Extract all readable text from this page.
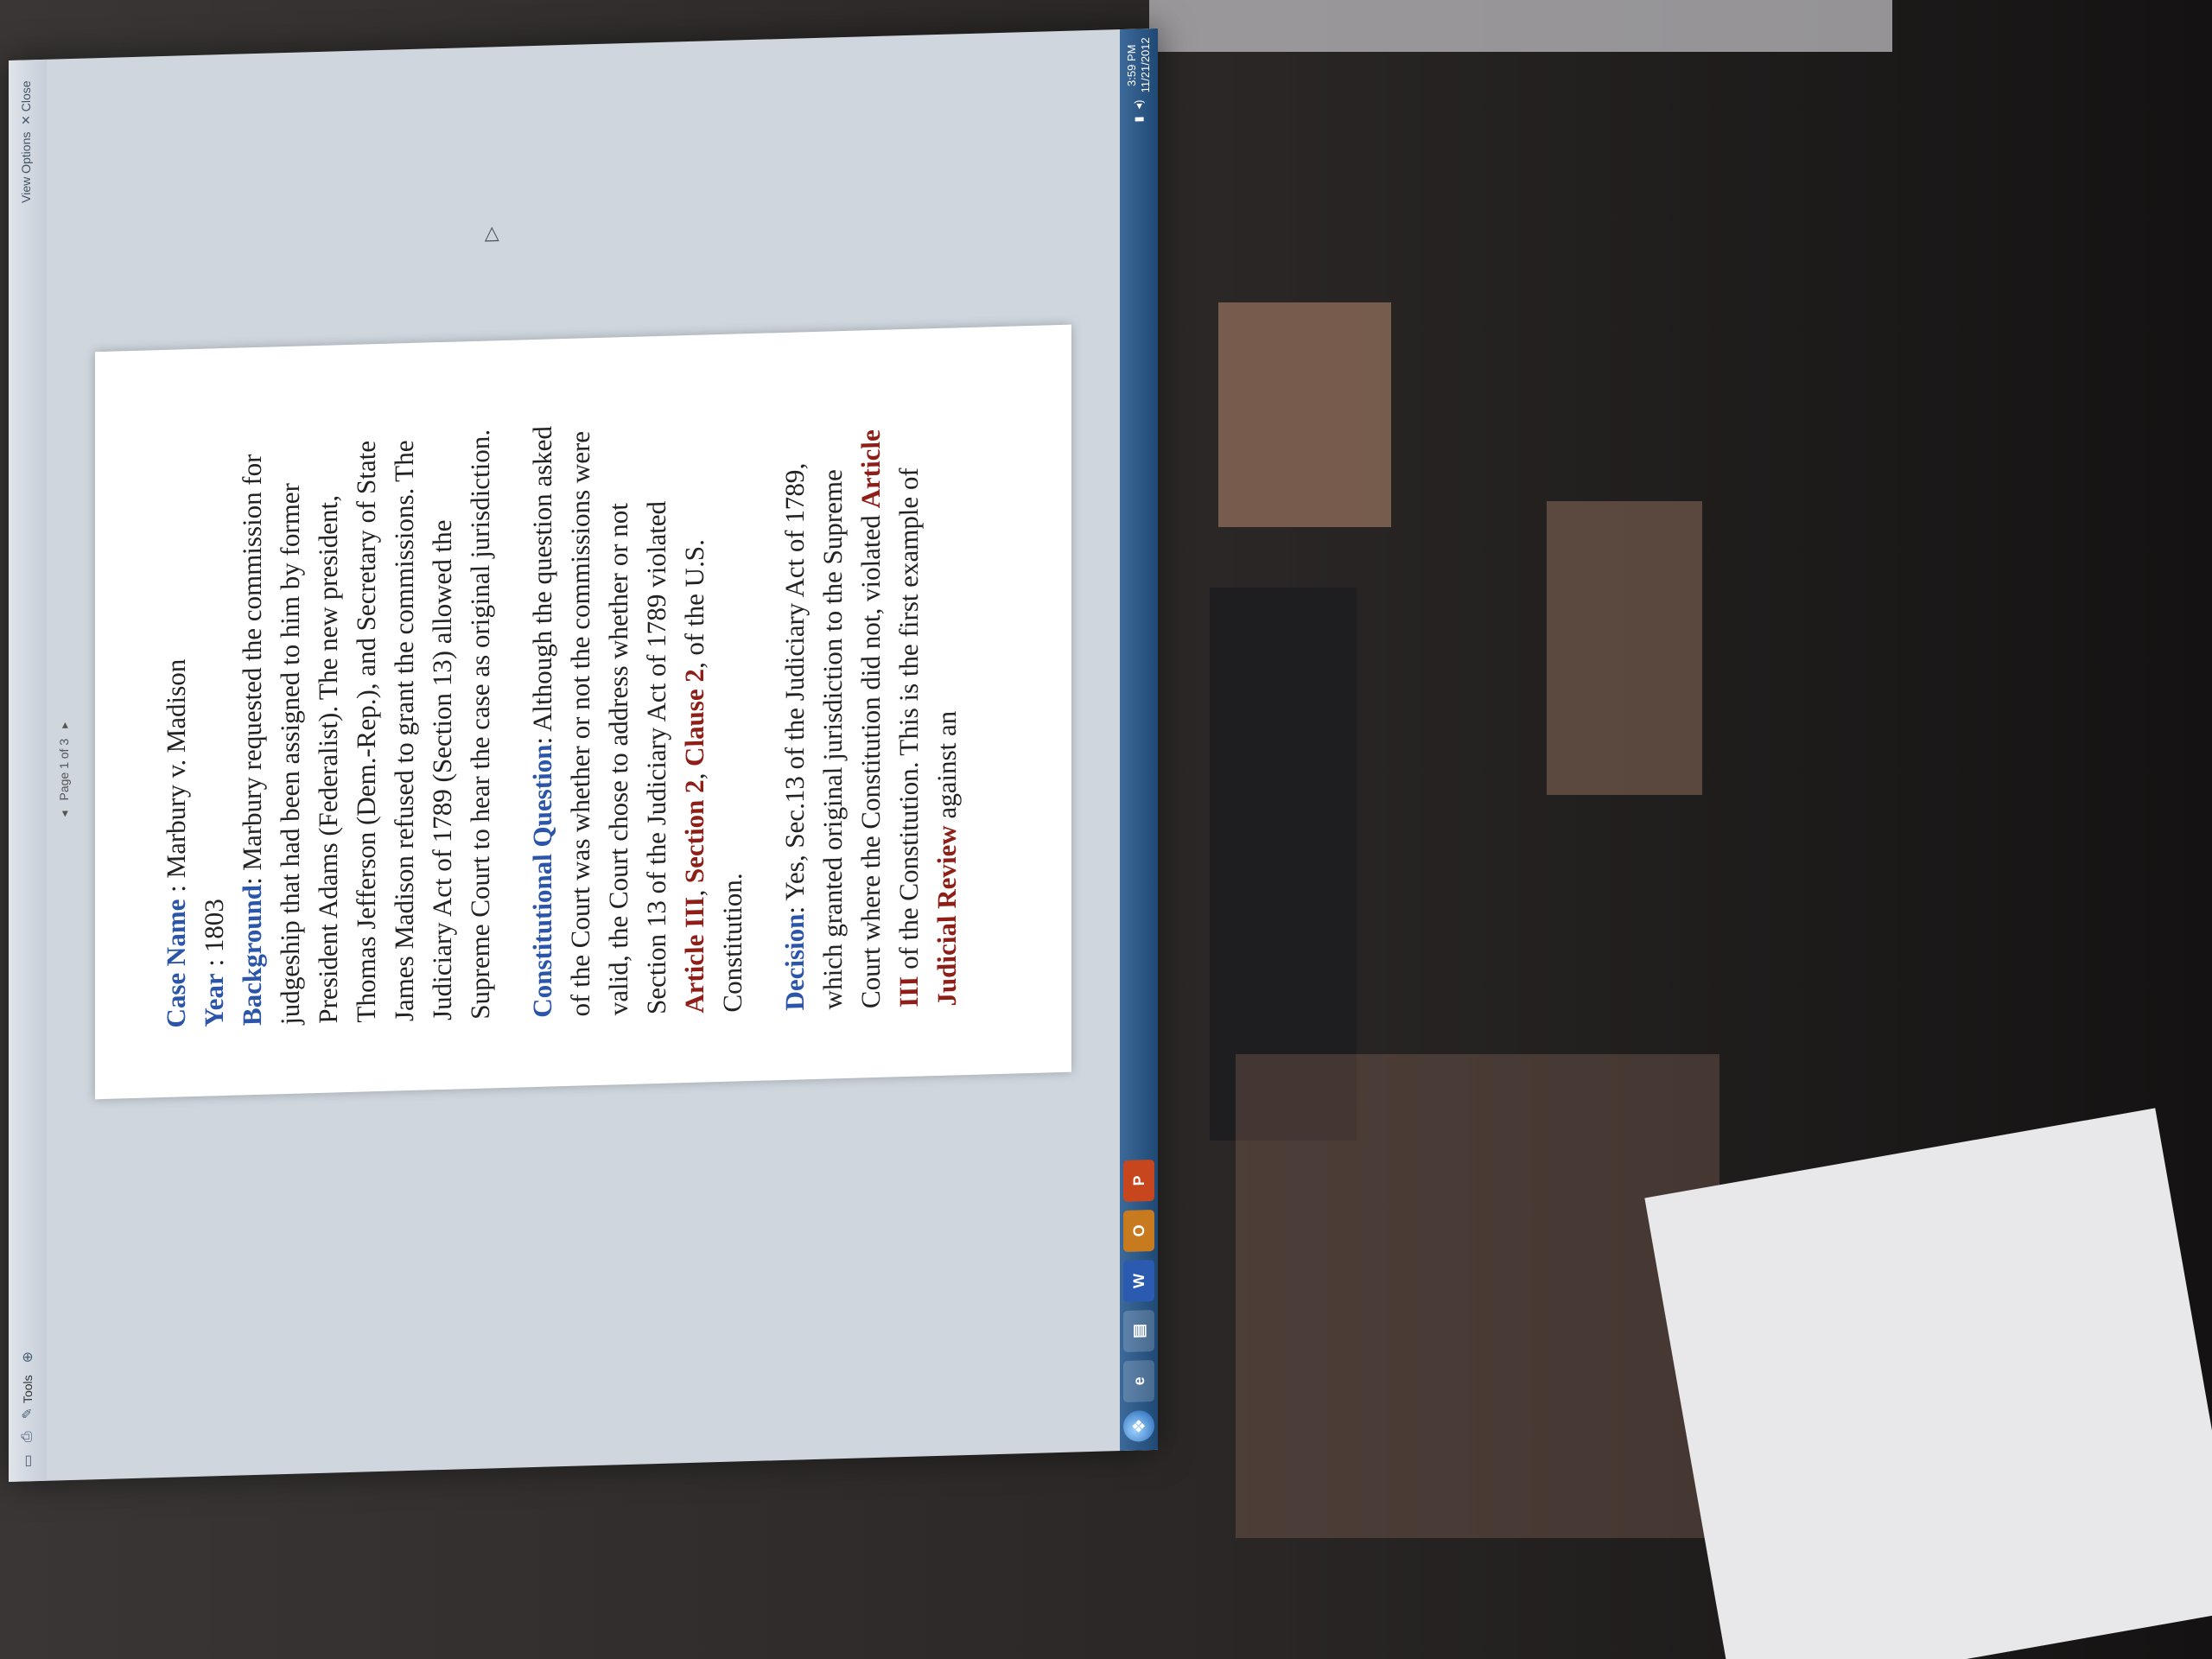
▭
⎙
✎
Tools
⊕
View Options  ✕ Close
◂
Page 1 of 3
▸

Case Name : Marbury v. Madison

Year : 1803 Background: Marbury requested the commission for judgeship that had been assigned to him by former President Adams (Federalist). The new president, Thomas Jefferson (Dem.-Rep.), and Secretary of State James Madison refused to grant the commissions. The Judiciary Act of 1789 (Section 13) allowed the Supreme Court to hear the case as original jurisdiction. Constitutional Question: Although the question asked of the Court was whether or not the commissions were valid, the Court chose to address whether or not Section 13 of the Judiciary Act of 1789 violated Article III, Section 2, Clause 2, of the U.S. Constitution. Decision: Yes, Sec.13 of the Judiciary Act of 1789, which granted original jurisdiction to the Supreme Court where the Constitution did not, violated Article III of the Constitution. This is the first example of Judicial Review against an

▷
❖
e
▤
W
O
P
▮
◂)
3:59 PM 11/21/2012
